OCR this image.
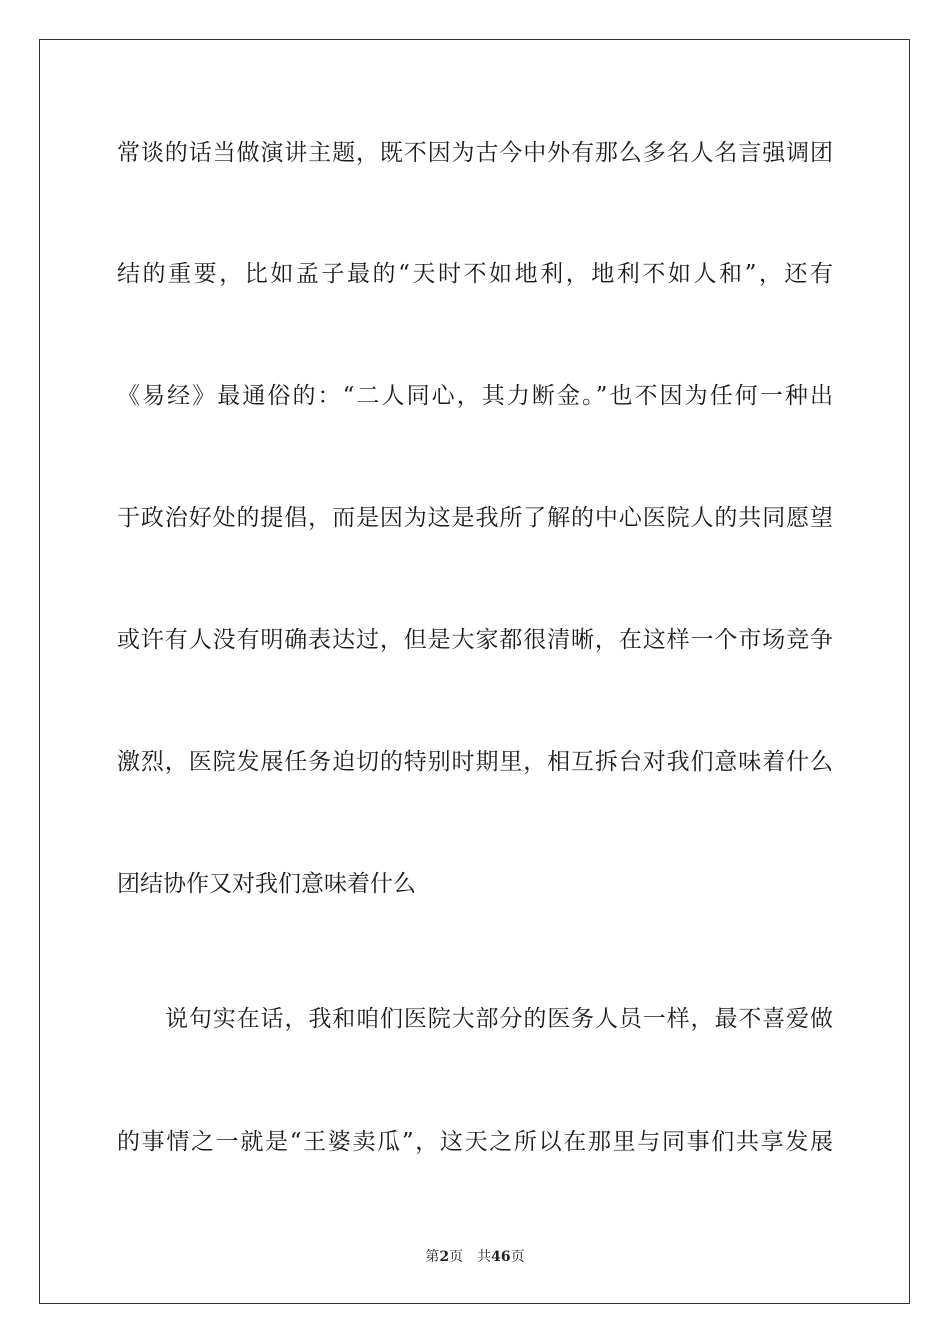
常谈的话当做演讲主题，既不因为古今中外有那么多名人名言强调团
结的重要，比如孟子最的“天时不如地利，地利不如人和”，还有
《易经》最通俗的：“二人同心，其力断金。”也不因为任何一种出
于政治好处的提倡，而是因为这是我所了解的中心医院人的共同愿望
或许有人没有明确表达过，但是大家都很清晰，在这样一个市场竞争
激烈，医院发展任务迫切的特别时期里，相互拆台对我们意味着什么
团结协作又对我们意味着什么
说句实在话，我和咱们医院大部分的医务人员一样，最不喜爱做
的事情之一就是“王婆卖瓜”，这天之所以在那里与同事们共享发展
第2页 共46页
